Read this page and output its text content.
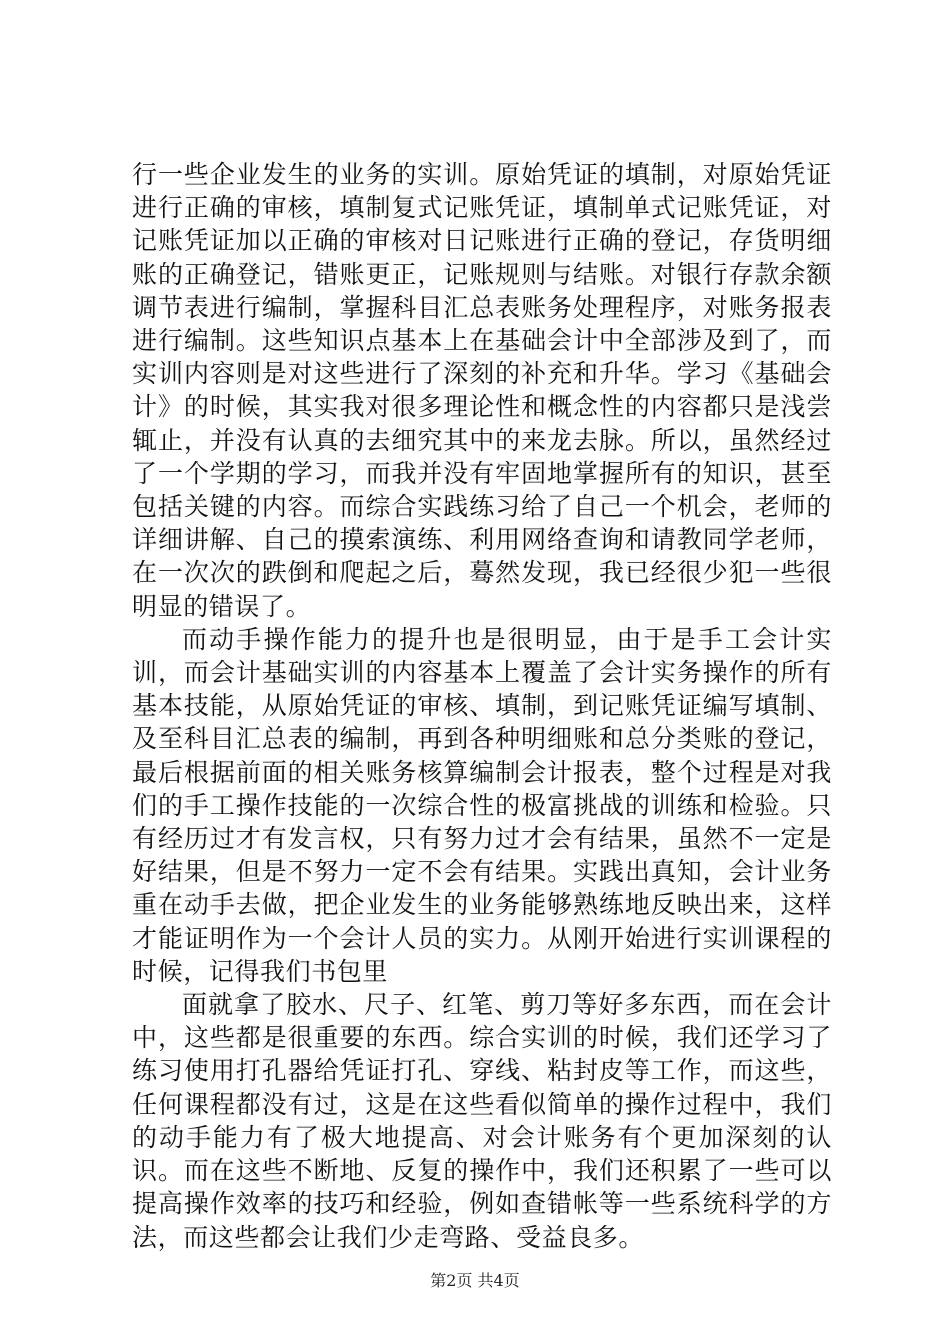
行一些企业发生的业务的实训。原始凭证的填制，对原始凭证进行正确的审核，填制复式记账凭证，填制单式记账凭证，对记账凭证加以正确的审核对日记账进行正确的登记，存货明细账的正确登记，错账更正，记账规则与结账。对银行存款余额调节表进行编制，掌握科目汇总表账务处理程序，对账务报表进行编制。这些知识点基本上在基础会计中全部涉及到了，而实训内容则是对这些进行了深刻的补充和升华。学习《基础会计》的时候，其实我对很多理论性和概念性的内容都只是浅尝辄止，并没有认真的去细究其中的来龙去脉。所以，虽然经过了一个学期的学习，而我并没有牢固地掌握所有的知识，甚至包括关键的内容。而综合实践练习给了自己一个机会，老师的详细讲解、自己的摸索演练、利用网络查询和请教同学老师，在一次次的跌倒和爬起之后，蓦然发现，我已经很少犯一些很明显的错误了。

而动手操作能力的提升也是很明显，由于是手工会计实训，而会计基础实训的内容基本上覆盖了会计实务操作的所有基本技能，从原始凭证的审核、填制，到记账凭证编写填制、及至科目汇总表的编制，再到各种明细账和总分类账的登记，最后根据前面的相关账务核算编制会计报表，整个过程是对我们的手工操作技能的一次综合性的极富挑战的训练和检验。只有经历过才有发言权，只有努力过才会有结果，虽然不一定是好结果，但是不努力一定不会有结果。实践出真知，会计业务重在动手去做，把企业发生的业务能够熟练地反映出来，这样才能证明作为一个会计人员的实力。从刚开始进行实训课程的时候，记得我们书包里

面就拿了胶水、尺子、红笔、剪刀等好多东西，而在会计中，这些都是很重要的东西。综合实训的时候，我们还学习了练习使用打孔器给凭证打孔、穿线、粘封皮等工作，而这些，任何课程都没有过，这是在这些看似简单的操作过程中，我们的动手能力有了极大地提高、对会计账务有个更加深刻的认识。而在这些不断地、反复的操作中，我们还积累了一些可以提高操作效率的技巧和经验，例如查错帐等一些系统科学的方法，而这些都会让我们少走弯路、受益良多。

第2页 共4页
